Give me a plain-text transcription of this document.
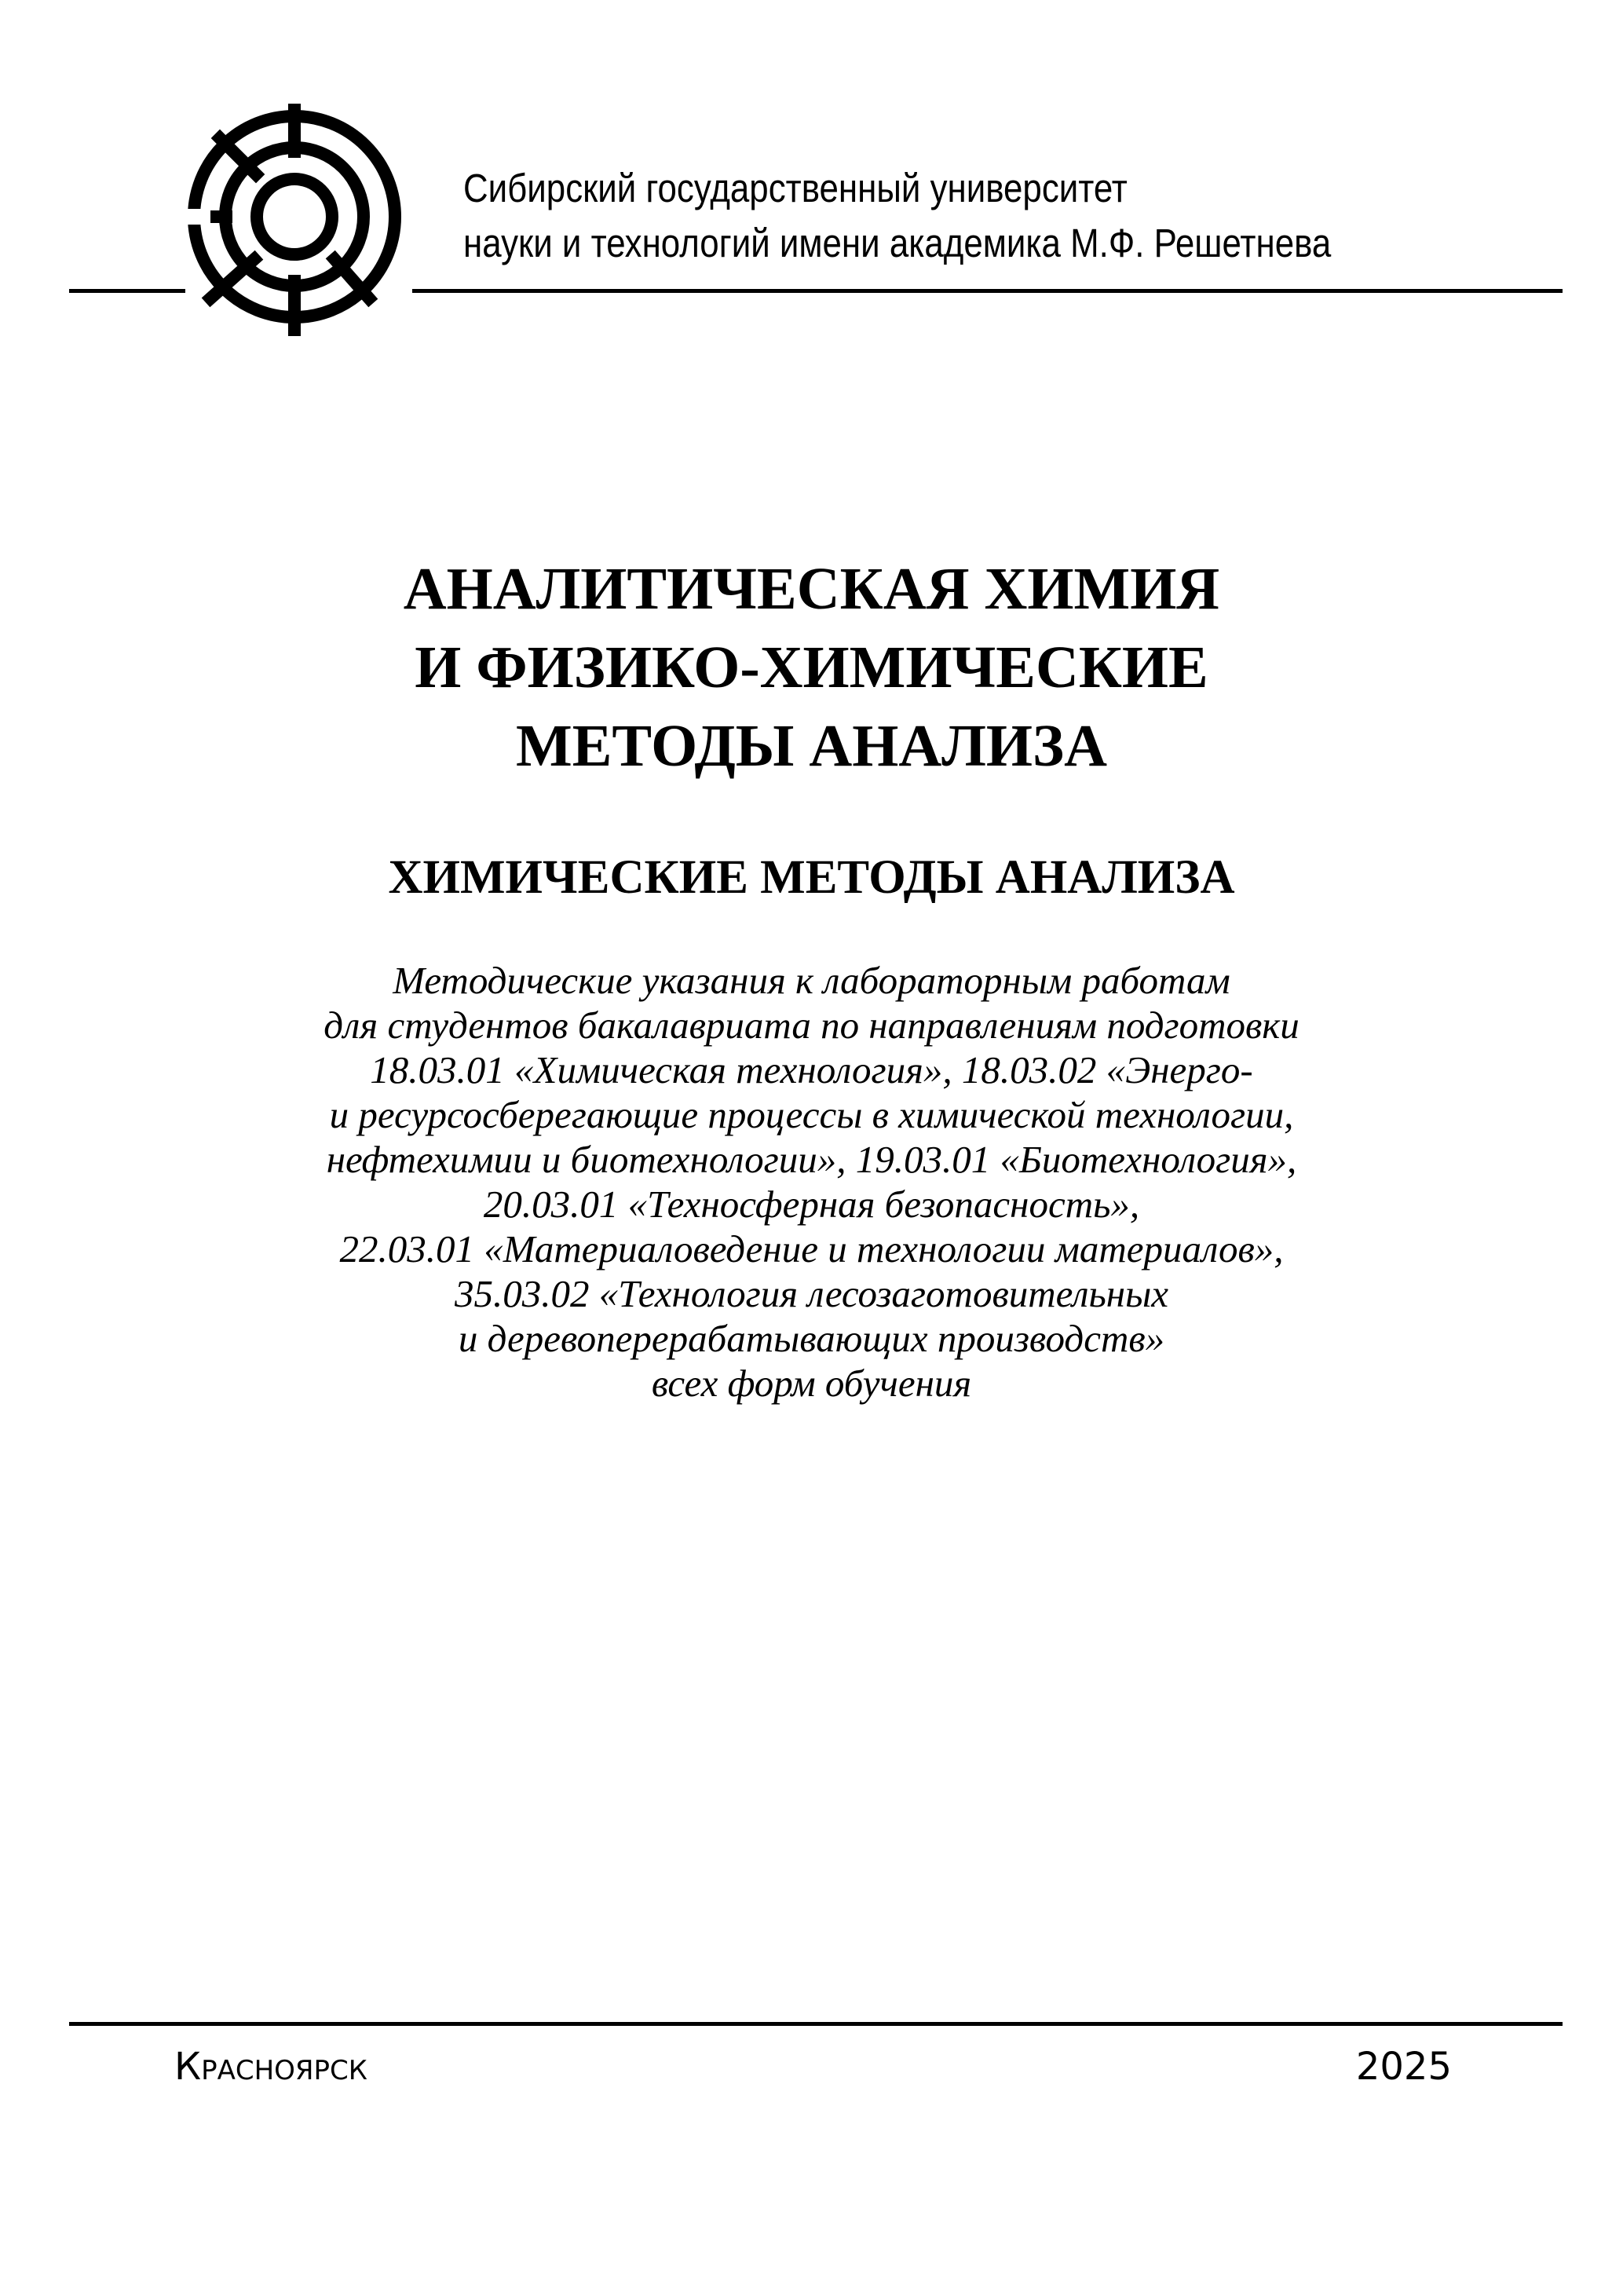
Сибирский государственный университет
науки и технологий имени академика М.Ф. Решетнева
АНАЛИТИЧЕСКАЯ ХИМИЯ
И ФИЗИКО-ХИМИЧЕСКИЕ
МЕТОДЫ АНАЛИЗА
ХИМИЧЕСКИЕ МЕТОДЫ АНАЛИЗА
Методические указания к лабораторным работам
для студентов бакалавриата по направлениям подготовки
18.03.01 «Химическая технология», 18.03.02 «Энерго-
и ресурсосберегающие процессы в химической технологии,
нефтехимии и биотехнологии», 19.03.01 «Биотехнология»,
20.03.01 «Техносферная безопасность»,
22.03.01 «Материаловедение и технологии материалов»,
35.03.02 «Технология лесозаготовительных
и деревоперерабатывающих производств»
всех форм обучения
Красноярск	2025
